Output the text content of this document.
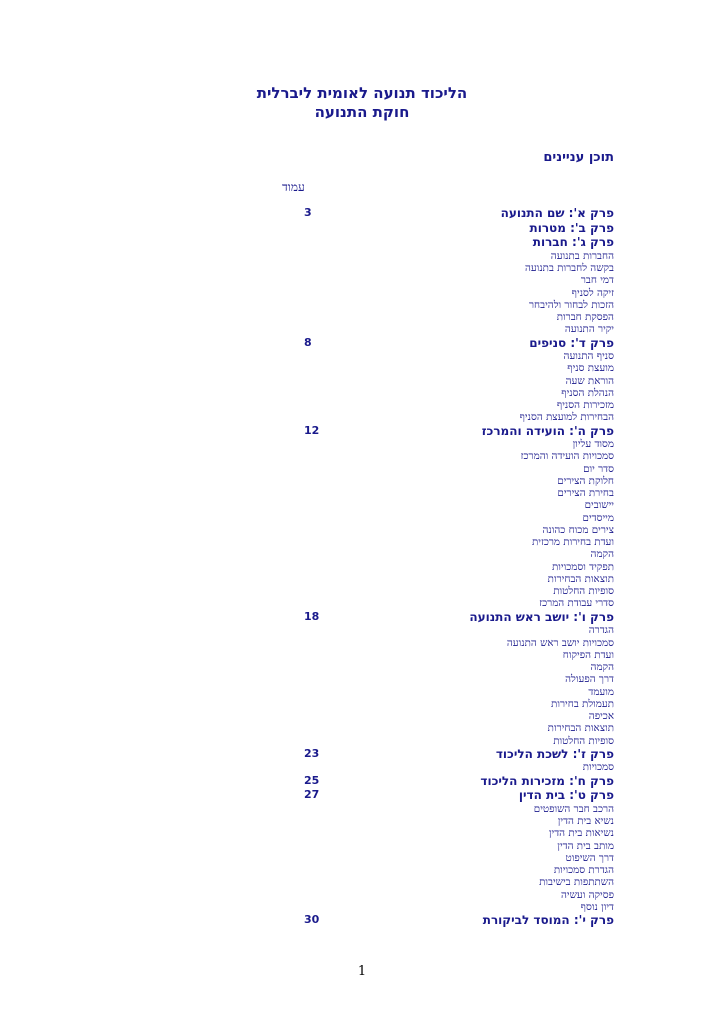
הליכוד תנועה לאומית ליברלית
חוקת התנועה
תוכן עניינים
עמוד
פרק א': שם התנועה
3
פרק ב': מטרות
פרק ג': חברות
החברות בתנועה
בקשה לחברות בתנועה
דמי חבר
זיקה לסניף
הזכות לבחור ולהיבחר
הפסקת חברות
יקיר התנועה
פרק ד': סניפים
8
סניף התנועה
מועצת סניף
הוראת שעה
הנהלת הסניף
מזכירות הסניף
הבחירות למועצת הסניף
פרק ה': הועידה והמרכז
12
מסוד עליון
סמכויות הועידה והמרכז
סדר יום
חלוקת הצירים
בחירת הצירים
יישובים
מייסדים
צירים מכוח כהונה
ועדת בחירות מרכזית
הקמה
תפקיד וסמכויות
תוצאות הבחירות
סופיות החלטות
סדרי עבודת המרכז
פרק ו': יושב ראש התנועה
18
הגדרה
סמכויות יושב ראש התנועה
ועדת הפיקוח
הקמה
דרך הפעולה
מועמד
תעמולת בחירות
אכיפה
תוצאות הבחירות
סופיות החלטות
פרק ז': לשכת הליכוד
23
סמכויות
פרק ח': מזכירות הליכוד
25
פרק ט': בית הדין
27
הרכב חבר השופטים
נשיא בית הדין
נשיאות בית הדין
מותב בית הדין
דרך השיפוט
הגדרת סמכויות
השתתפות בישיבות
פסיקה ועשיה
דיון נוסף
פרק י': המוסד לביקורת
30
1
